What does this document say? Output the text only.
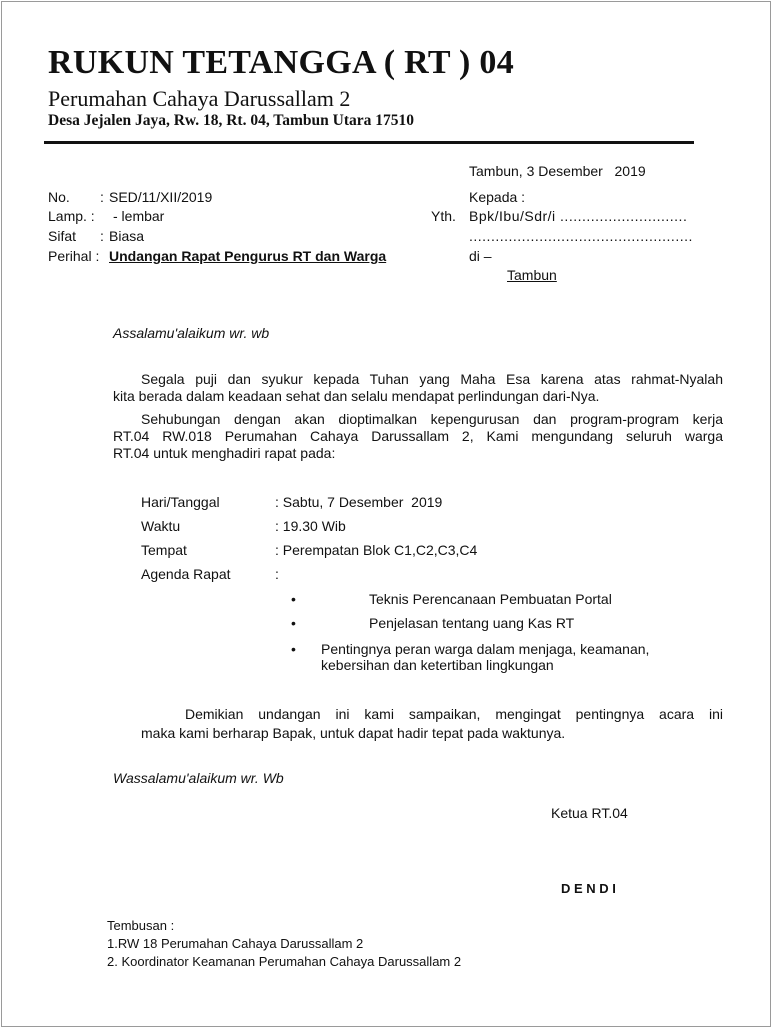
RUKUN TETANGGA ( RT ) 04
Perumahan Cahaya Darussallam 2
Desa Jejalen Jaya, Rw. 18, Rt. 04, Tambun Utara 17510
Tambun, 3 Desember   2019
No. : SED/11/XII/2019
Lamp. : - lembar
Sifat : Biasa
Perihal : Undangan Rapat Pengurus RT dan Warga
Kepada :
Yth. Bpk/Ibu/Sdr/i .............................
...................................................
di –
Tambun
Assalamu'alaikum wr. wb
Segala puji dan syukur kepada Tuhan yang Maha Esa karena atas rahmat-Nyalah
kita berada dalam keadaan sehat dan selalu mendapat perlindungan dari-Nya.
Sehubungan dengan akan dioptimalkan kepengurusan dan program-program kerja
RT.04 RW.018 Perumahan Cahaya Darussallam 2, Kami mengundang seluruh warga
RT.04 untuk menghadiri rapat pada:
Hari/Tanggal	: Sabtu, 7 Desember  2019
Waktu	: 19.30 Wib
Tempat	: Perempatan Blok C1,C2,C3,C4
Agenda Rapat	:
•	Teknis Perencanaan Pembuatan Portal
•	Penjelasan tentang uang Kas RT
• Pentingnya peran warga dalam menjaga, keamanan,
kebersihan dan ketertiban lingkungan
Demikian undangan ini kami sampaikan, mengingat pentingnya acara ini
maka kami berharap Bapak, untuk dapat hadir tepat pada waktunya.
Wassalamu'alaikum wr. Wb
Ketua RT.04
D E N D I
Tembusan :
1.RW 18 Perumahan Cahaya Darussallam 2
2. Koordinator Keamanan Perumahan Cahaya Darussallam 2
